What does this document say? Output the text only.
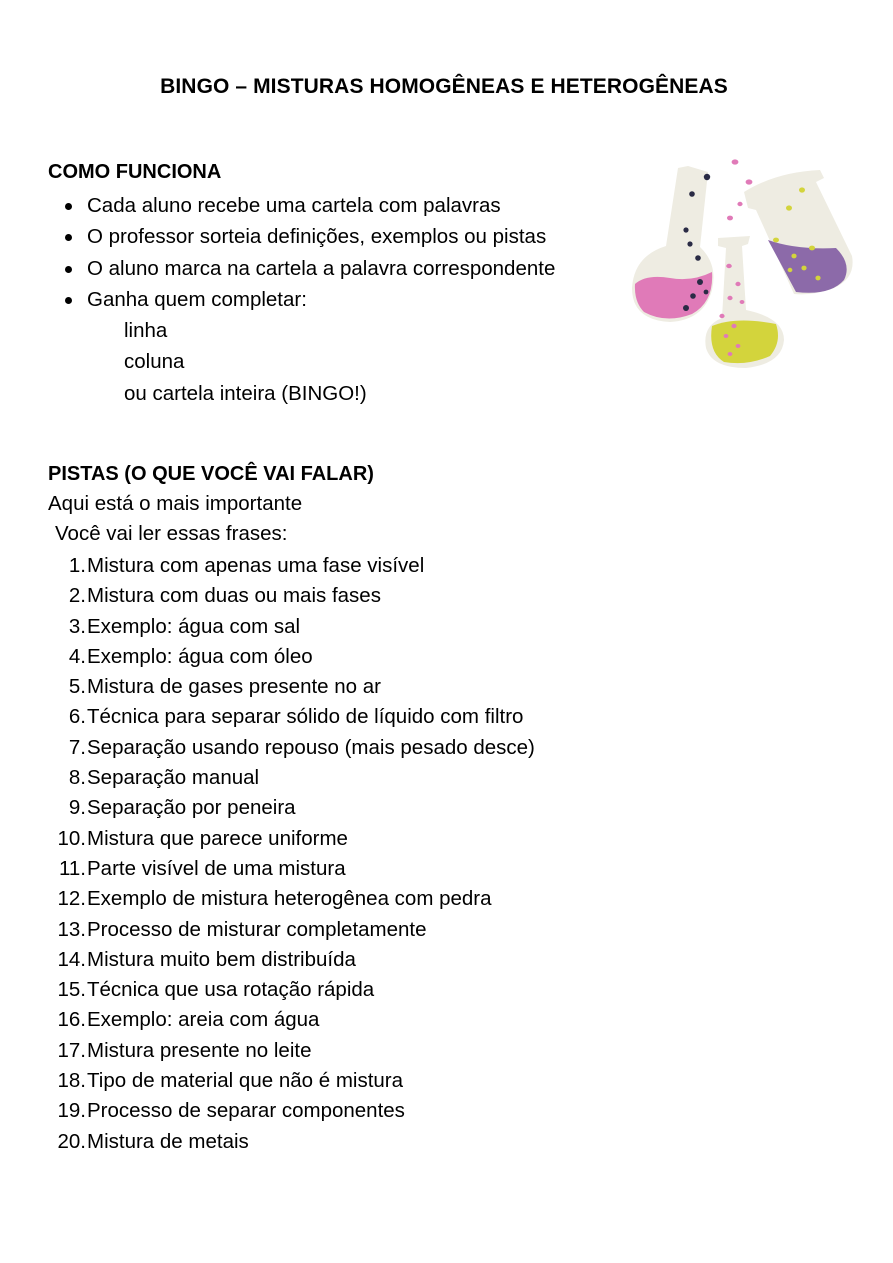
BINGO – MISTURAS HOMOGÊNEAS E HETEROGÊNEAS
COMO FUNCIONA
Cada aluno recebe uma cartela com palavras
O professor sorteia definições, exemplos ou pistas
O aluno marca na cartela a palavra correspondente
Ganha quem completar:
linha
coluna
ou cartela inteira (BINGO!)
PISTAS (O QUE VOCÊ VAI FALAR)
Aqui está o mais importante
Você vai ler essas frases:
1. Mistura com apenas uma fase visível
2. Mistura com duas ou mais fases
3. Exemplo: água com sal
4. Exemplo: água com óleo
5. Mistura de gases presente no ar
6. Técnica para separar sólido de líquido com filtro
7. Separação usando repouso (mais pesado desce)
8. Separação manual
9. Separação por peneira
10. Mistura que parece uniforme
11. Parte visível de uma mistura
12. Exemplo de mistura heterogênea com pedra
13. Processo de misturar completamente
14. Mistura muito bem distribuída
15. Técnica que usa rotação rápida
16. Exemplo: areia com água
17. Mistura presente no leite
18. Tipo de material que não é mistura
19. Processo de separar componentes
20. Mistura de metais
